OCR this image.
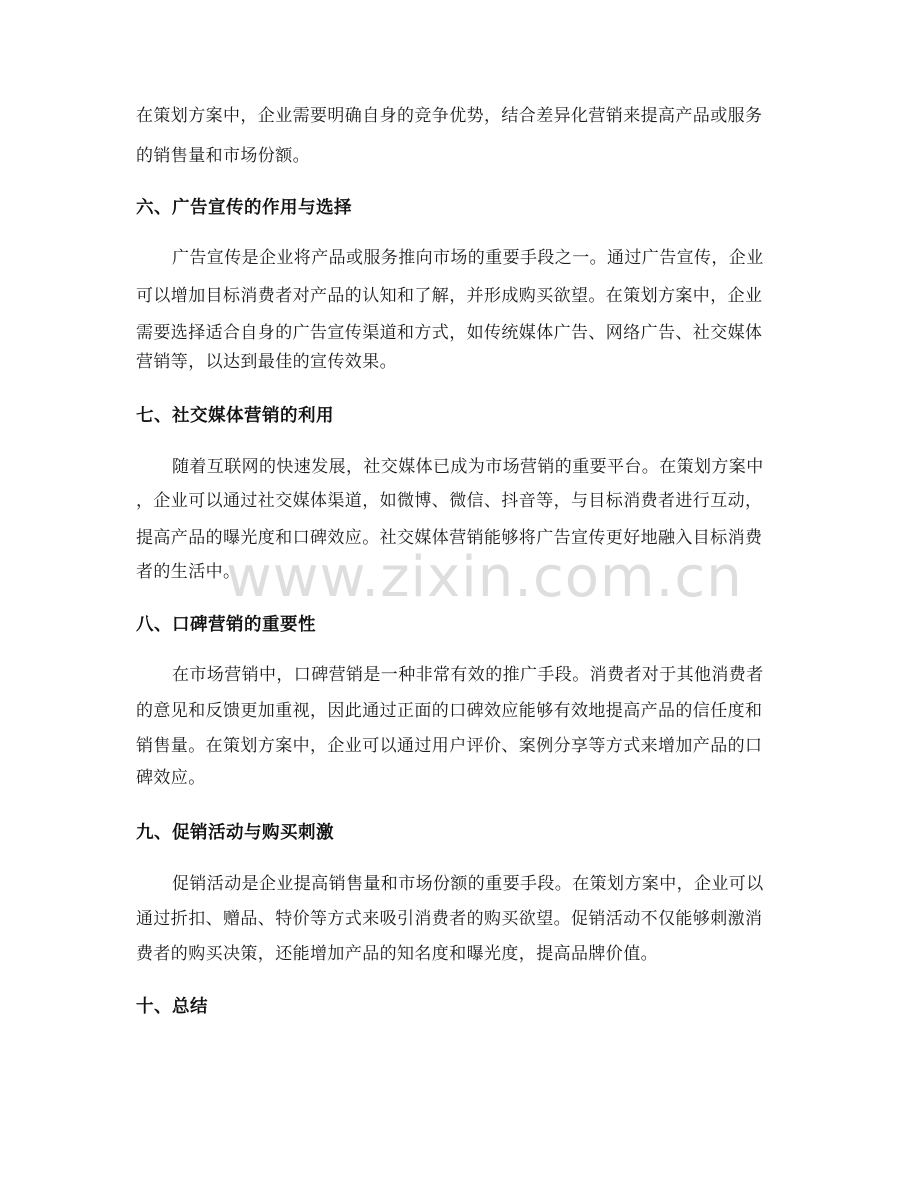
在策划方案中，企业需要明确自身的竞争优势，结合差异化营销来提高产品或服务
的销售量和市场份额。
六、广告宣传的作用与选择
广告宣传是企业将产品或服务推向市场的重要手段之一。通过广告宣传，企业
可以增加目标消费者对产品的认知和了解，并形成购买欲望。在策划方案中，企业
需要选择适合自身的广告宣传渠道和方式，如传统媒体广告、网络广告、社交媒体
营销等，以达到最佳的宣传效果。
七、社交媒体营销的利用
随着互联网的快速发展，社交媒体已成为市场营销的重要平台。在策划方案中
，企业可以通过社交媒体渠道，如微博、微信、抖音等，与目标消费者进行互动，
提高产品的曝光度和口碑效应。社交媒体营销能够将广告宣传更好地融入目标消费
者的生活中。
八、口碑营销的重要性
在市场营销中，口碑营销是一种非常有效的推广手段。消费者对于其他消费者
的意见和反馈更加重视，因此通过正面的口碑效应能够有效地提高产品的信任度和
销售量。在策划方案中，企业可以通过用户评价、案例分享等方式来增加产品的口
碑效应。
九、促销活动与购买刺激
促销活动是企业提高销售量和市场份额的重要手段。在策划方案中，企业可以
通过折扣、赠品、特价等方式来吸引消费者的购买欲望。促销活动不仅能够刺激消
费者的购买决策，还能增加产品的知名度和曝光度，提高品牌价值。
十、总结
www.zixin.com.cn
